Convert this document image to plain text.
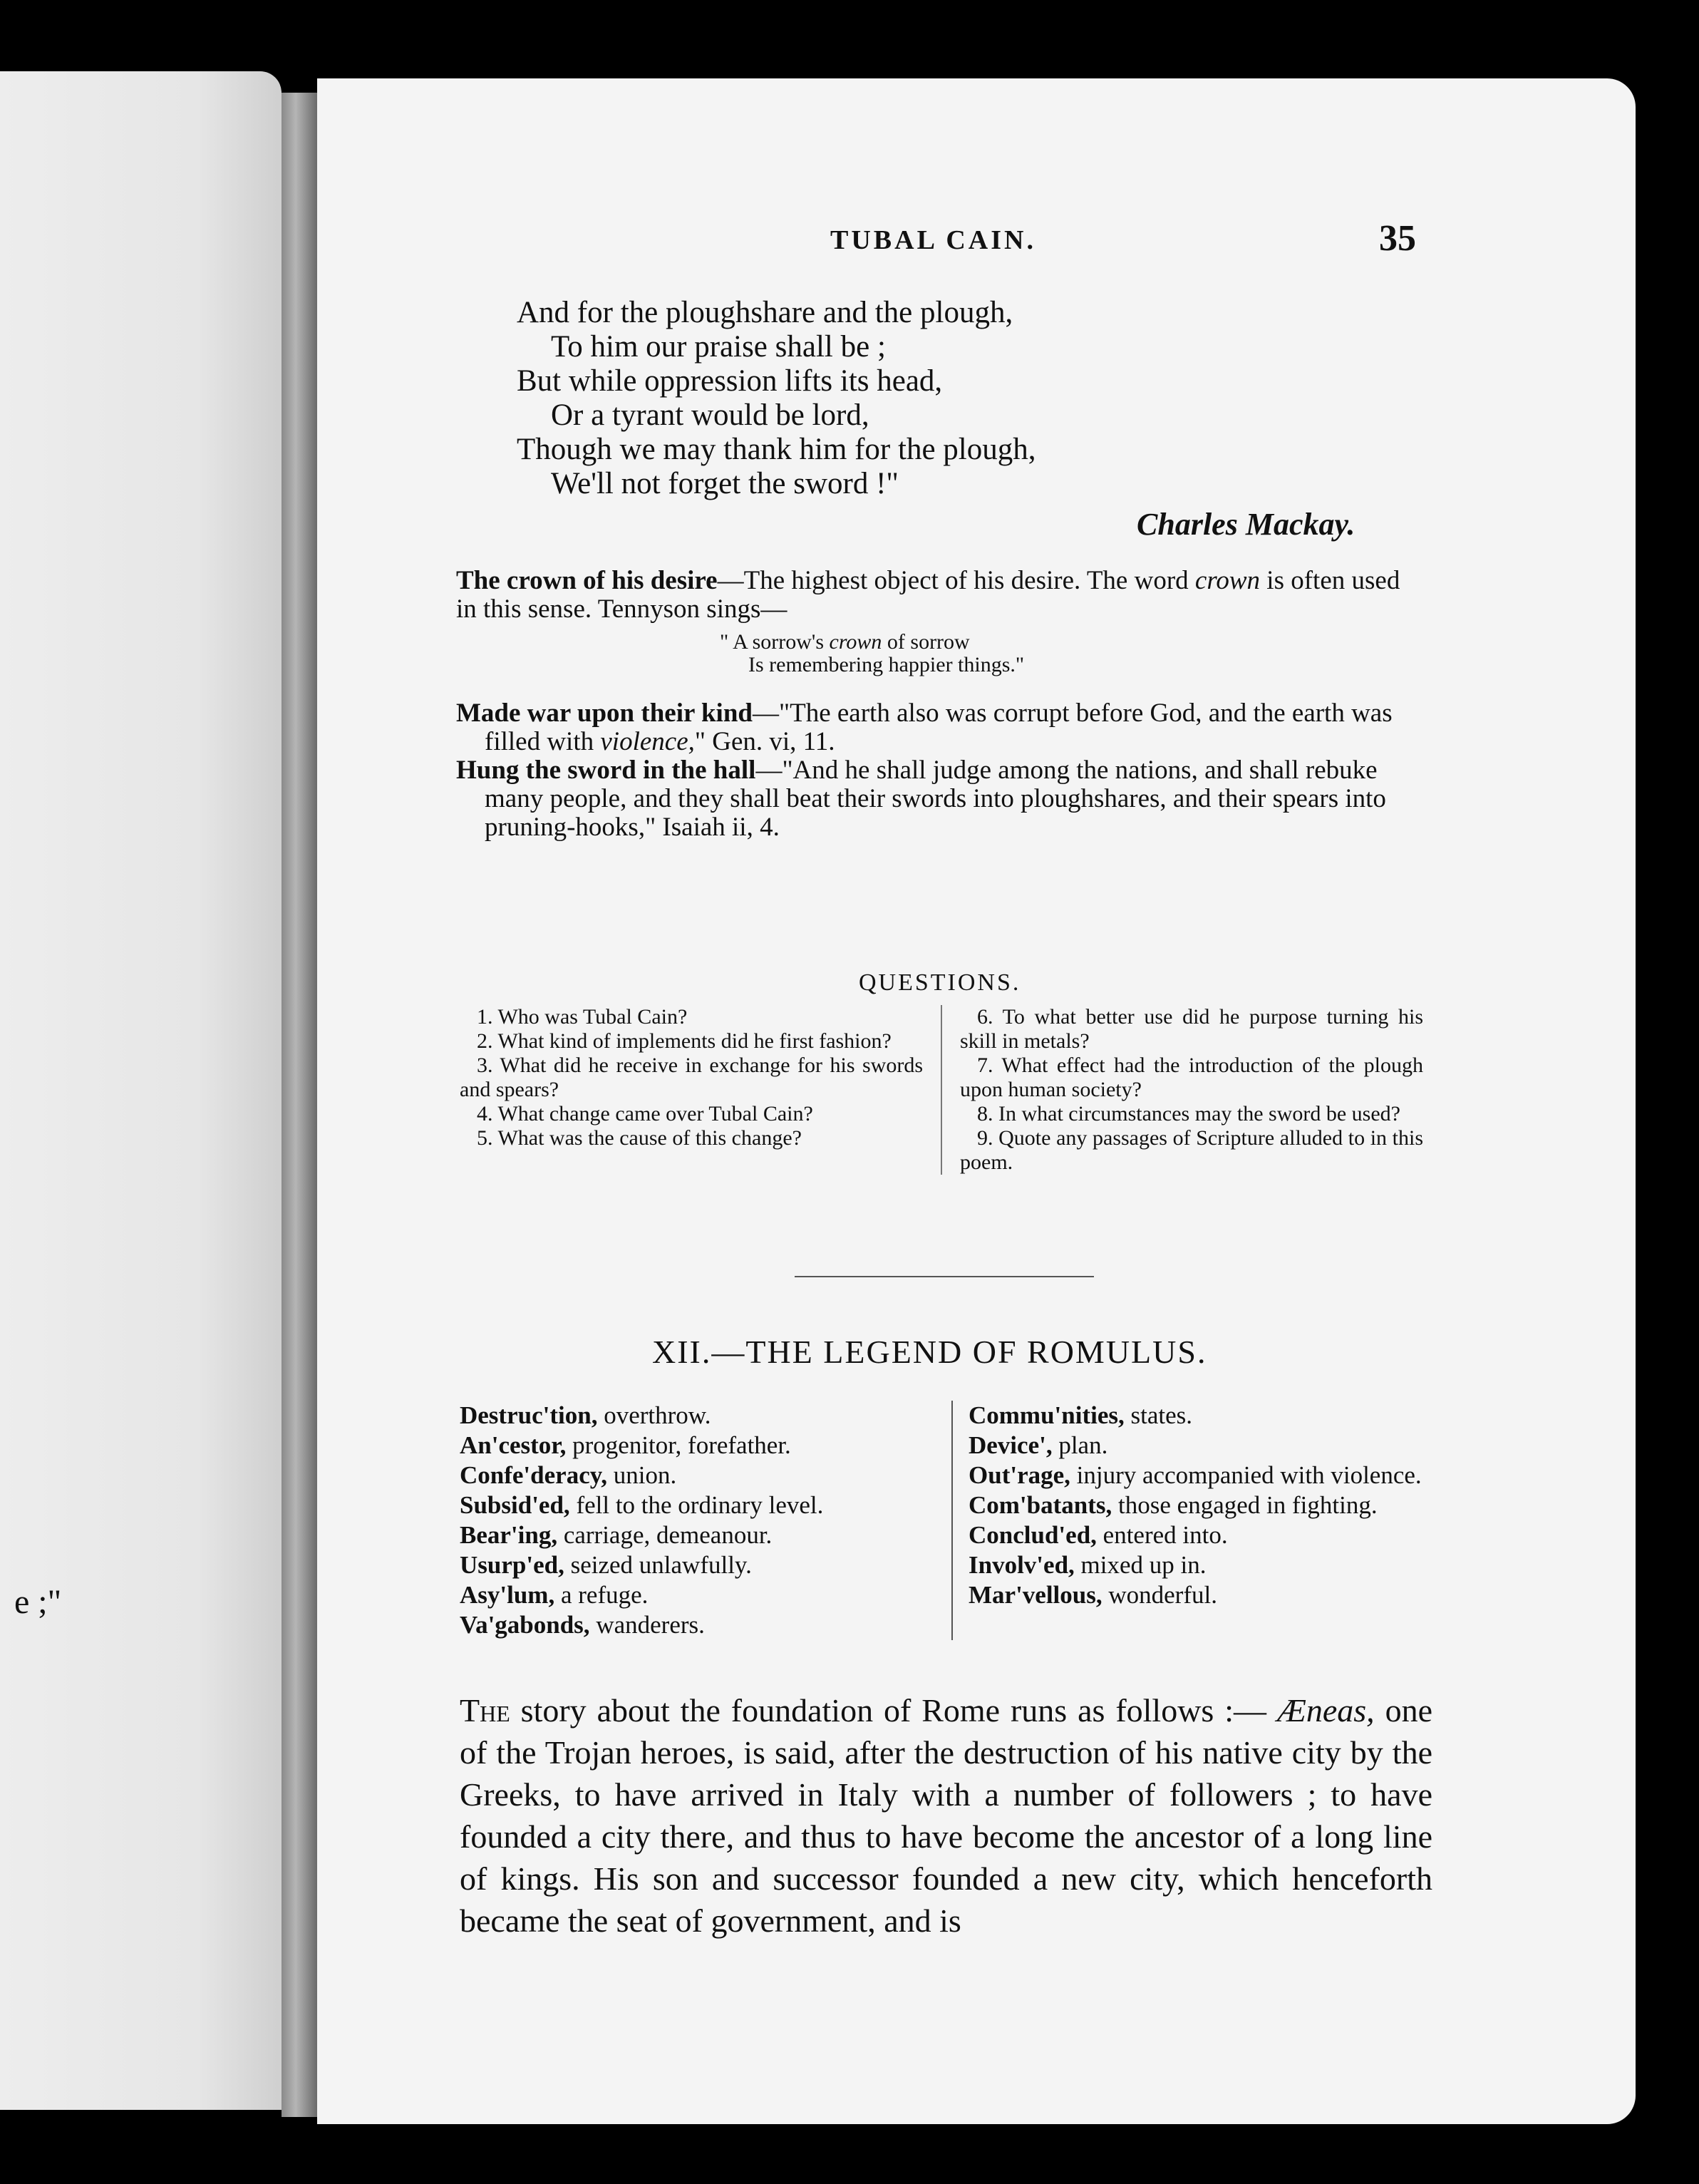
e ;"
TUBAL CAIN.	35
And for the ploughshare and the plough,
To him our praise shall be ;
But while oppression lifts its head,
Or a tyrant would be lord,
Though we may thank him for the plough,
We'll not forget the sword !"
Charles Mackay.
The crown of his desire—The highest object of his desire. The word crown is often used in this sense. Tennyson sings—
" A sorrow's crown of sorrow
Is remembering happier things."
Made war upon their kind—"The earth also was corrupt before God, and the earth was filled with violence," Gen. vi, 11.
Hung the sword in the hall—"And he shall judge among the nations, and shall rebuke many people, and they shall beat their swords into ploughshares, and their spears into pruning-hooks," Isaiah ii, 4.
QUESTIONS.
1. Who was Tubal Cain?
2. What kind of implements did he first fashion?
3. What did he receive in exchange for his swords and spears?
4. What change came over Tubal Cain?
5. What was the cause of this change?
6. To what better use did he purpose turning his skill in metals?
7. What effect had the introduction of the plough upon human society?
8. In what circumstances may the sword be used?
9. Quote any passages of Scripture alluded to in this poem.
XII.—THE LEGEND OF ROMULUS.
Destruc'tion, overthrow.
An'cestor, progenitor, forefather.
Confe'deracy, union.
Subsid'ed, fell to the ordinary level.
Bear'ing, carriage, demeanour.
Usurp'ed, seized unlawfully.
Asy'lum, a refuge.
Va'gabonds, wanderers.
Commu'nities, states.
Device', plan.
Out'rage, injury accompanied with violence.
Com'batants, those engaged in fighting.
Conclud'ed, entered into.
Involv'ed, mixed up in.
Mar'vellous, wonderful.
The story about the foundation of Rome runs as follows :— Æneas, one of the Trojan heroes, is said, after the destruction of his native city by the Greeks, to have arrived in Italy with a number of followers ; to have founded a city there, and thus to have become the ancestor of a long line of kings. His son and successor founded a new city, which henceforth became the seat of government, and is
